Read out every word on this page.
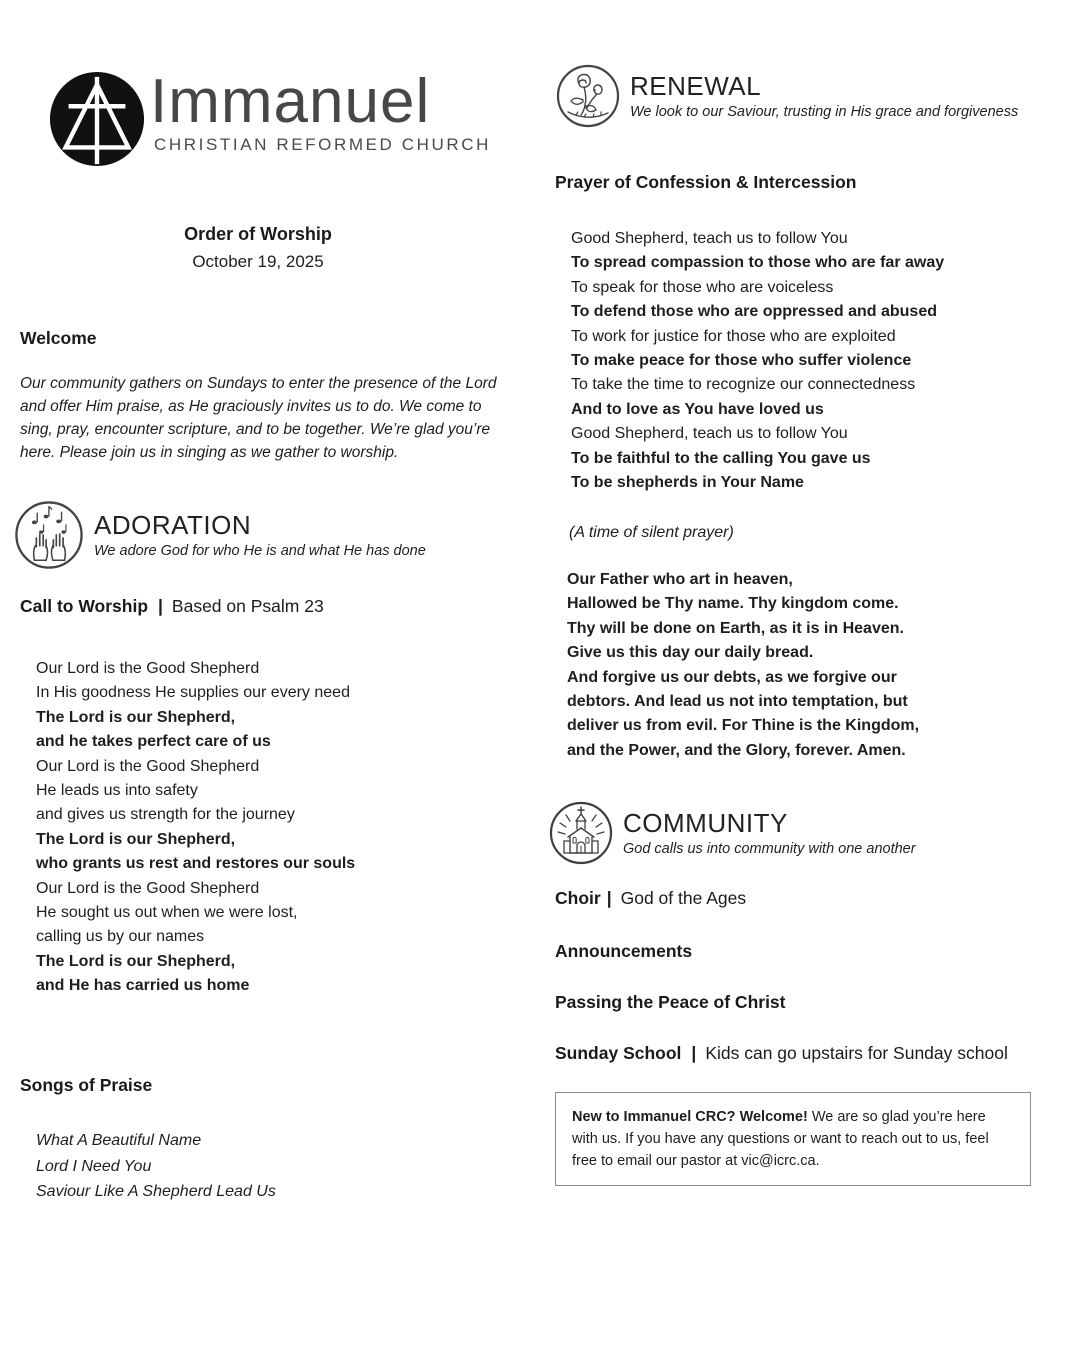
Immanuel
CHRISTIAN REFORMED CHURCH
Order of Worship
October 19, 2025
Welcome
Our community gathers on Sundays to enter the presence of the Lord and offer Him praise, as He graciously invites us to do. We come to sing, pray, encounter scripture, and to be together. We’re glad you’re here. Please join us in singing as we gather to worship.
ADORATION
We adore God for who He is and what He has done
Call to Worship | Based on Psalm 23
Our Lord is the Good Shepherd
In His goodness He supplies our every need
The Lord is our Shepherd,
and he takes perfect care of us
Our Lord is the Good Shepherd
He leads us into safety
and gives us strength for the journey
The Lord is our Shepherd,
who grants us rest and restores our souls
Our Lord is the Good Shepherd
He sought us out when we were lost,
calling us by our names
The Lord is our Shepherd,
and He has carried us home
Songs of Praise
What A Beautiful Name
Lord I Need You
Saviour Like A Shepherd Lead Us
RENEWAL
We look to our Saviour, trusting in His grace and forgiveness
Prayer of Confession & Intercession
Good Shepherd, teach us to follow You
To spread compassion to those who are far away
To speak for those who are voiceless
To defend those who are oppressed and abused
To work for justice for those who are exploited
To make peace for those who suffer violence
To take the time to recognize our connectedness
And to love as You have loved us
Good Shepherd, teach us to follow You
To be faithful to the calling You gave us
To be shepherds in Your Name
(A time of silent prayer)
Our Father who art in heaven,
Hallowed be Thy name. Thy kingdom come.
Thy will be done on Earth, as it is in Heaven.
Give us this day our daily bread.
And forgive us our debts, as we forgive our
debtors. And lead us not into temptation, but
deliver us from evil. For Thine is the Kingdom,
and the Power, and the Glory, forever. Amen.
COMMUNITY
God calls us into community with one another
Choir | God of the Ages
Announcements
Passing the Peace of Christ
Sunday School | Kids can go upstairs for Sunday school
New to Immanuel CRC? Welcome! We are so glad you’re here with us. If you have any questions or want to reach out to us, feel free to email our pastor at vic@icrc.ca.
